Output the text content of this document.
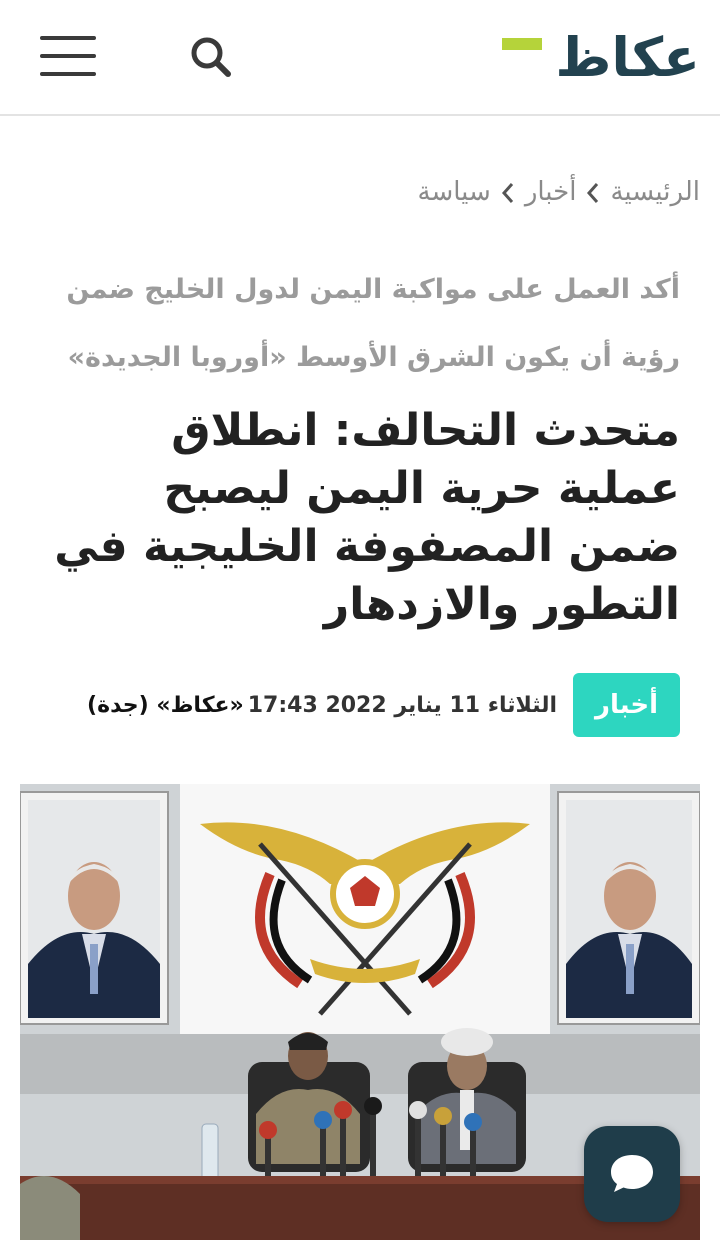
عكاظ
الرئيسية
أخبار
سياسة
أكد العمل على مواكبة اليمن لدول الخليج ضمن رؤية أن يكون الشرق الأوسط «أوروبا الجديدة»
متحدث التحالف: انطلاق عملية حرية اليمن ليصبح ضمن المصفوفة الخليجية في التطور والازدهار
أخبار
الثلاثاء 11 يناير 2022 17:43
«عكاظ» (جدة)
